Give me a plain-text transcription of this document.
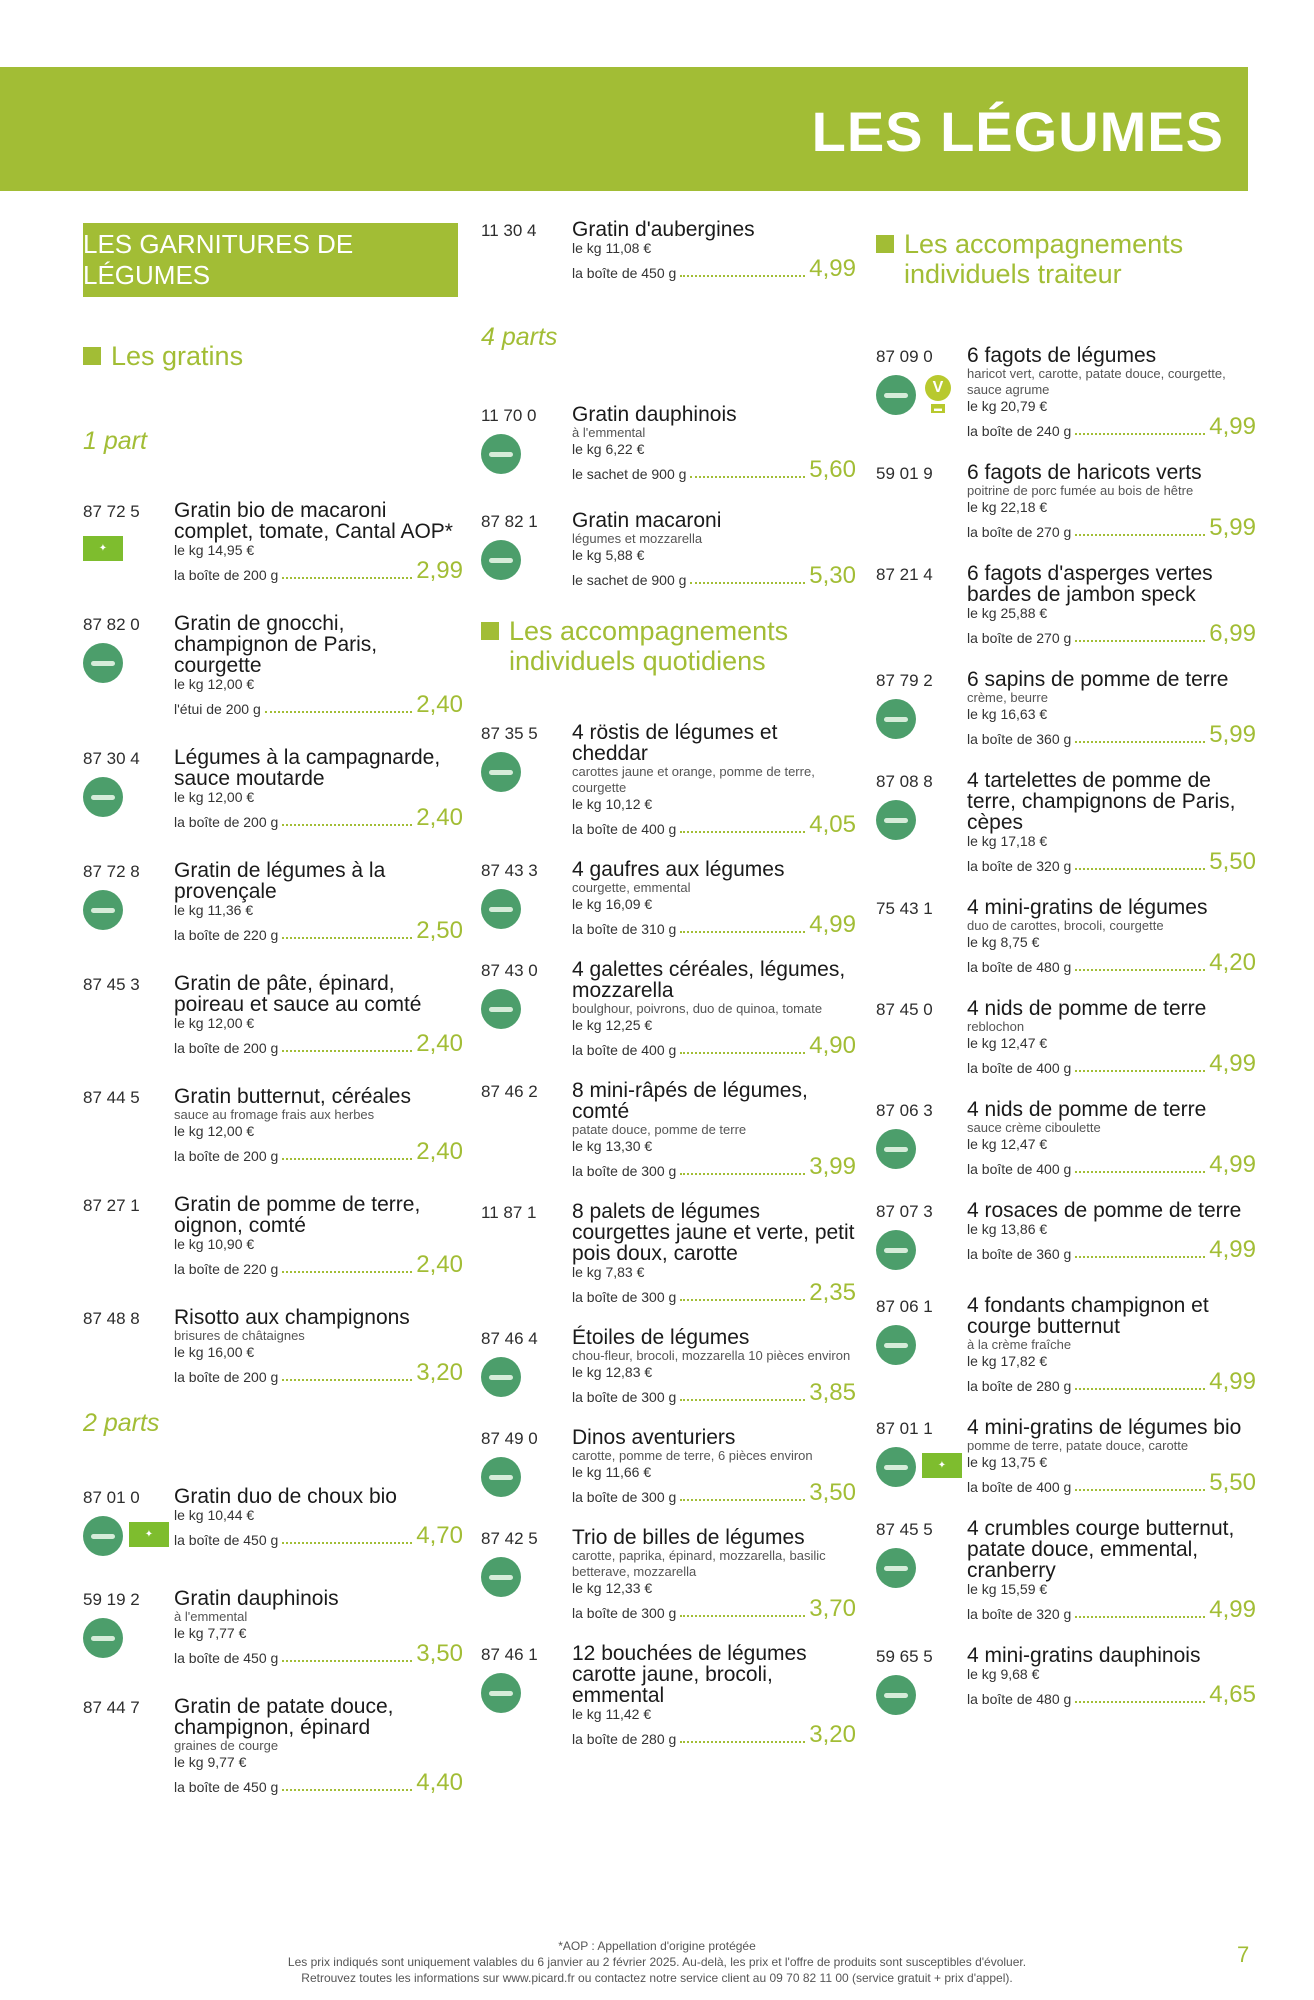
LES LÉGUMES
LES GARNITURES DE LÉGUMES
Les gratins
1 part
87 72 5
✦
Gratin bio de macaroni complet, tomate, Cantal AOP*
le kg 14,95 €
la boîte de 200 g	2,99
87 82 0 Gratin de gnocchi, champignon de Paris, courgette
le kg 12,00 €
l'étui de 200 g	2,40
87 30 4 Légumes à la campagnarde, sauce moutarde
le kg 12,00 €
la boîte de 200 g	2,40
87 72 8 Gratin de légumes à la provençale
le kg 11,36 €
la boîte de 220 g	2,50
87 45 3 Gratin de pâte, épinard, poireau et sauce au comté
le kg 12,00 €
la boîte de 200 g	2,40
87 44 5 Gratin butternut, céréales
sauce au fromage frais aux herbes
le kg 12,00 €
la boîte de 200 g	2,40
87 27 1 Gratin de pomme de terre, oignon, comté
le kg 10,90 €
la boîte de 220 g	2,40
87 48 8 Risotto aux champignons
brisures de châtaignes
le kg 16,00 €
la boîte de 200 g	3,20
2 parts
87 01 0
✦
Gratin duo de choux bio
le kg 10,44 €
la boîte de 450 g	4,70
59 19 2 Gratin dauphinois
à l'emmental
le kg 7,77 €
la boîte de 450 g	3,50
87 44 7 Gratin de patate douce, champignon, épinard
graines de courge
le kg 9,77 €
la boîte de 450 g	4,40
11 30 4 Gratin d'aubergines
le kg 11,08 €
la boîte de 450 g	4,99
4 parts
11 70 0 Gratin dauphinois
à l'emmental
le kg 6,22 €
le sachet de 900 g	5,60
87 82 1 Gratin macaroni
légumes et mozzarella
le kg 5,88 €
le sachet de 900 g	5,30
Les accompagnements individuels quotidiens
87 35 5 4 röstis de légumes et cheddar
carottes jaune et orange, pomme de terre, courgette
le kg 10,12 €
la boîte de 400 g	4,05
87 43 3 4 gaufres aux légumes
courgette, emmental
le kg 16,09 €
la boîte de 310 g	4,99
87 43 0 4 galettes céréales, légumes, mozzarella
boulghour, poivrons, duo de quinoa, tomate
le kg 12,25 €
la boîte de 400 g	4,90
87 46 2 8 mini-râpés de légumes, comté
patate douce, pomme de terre
le kg 13,30 €
la boîte de 300 g	3,99
11 87 1 8 palets de légumes courgettes jaune et verte, petit pois doux, carotte
le kg 7,83 €
la boîte de 300 g	2,35
87 46 4 Étoiles de légumes
chou-fleur, brocoli, mozzarella 10 pièces environ
le kg 12,83 €
la boîte de 300 g	3,85
87 49 0 Dinos aventuriers
carotte, pomme de terre, 6 pièces environ
le kg 11,66 €
la boîte de 300 g	3,50
87 42 5 Trio de billes de légumes
carotte, paprika, épinard, mozzarella, basilic betterave, mozzarella
le kg 12,33 €
la boîte de 300 g	3,70
87 46 1 12 bouchées de légumes carotte jaune, brocoli, emmental
le kg 11,42 €
la boîte de 280 g	3,20
Les accompagnements individuels traiteur
87 09 0
V
▬
6 fagots de légumes
haricot vert, carotte, patate douce, courgette, sauce agrume
le kg 20,79 €
la boîte de 240 g	4,99
59 01 9 6 fagots de haricots verts
poitrine de porc fumée au bois de hêtre
le kg 22,18 €
la boîte de 270 g	5,99
87 21 4 6 fagots d'asperges vertes bardes de jambon speck
le kg 25,88 €
la boîte de 270 g	6,99
87 79 2 6 sapins de pomme de terre
crème, beurre
le kg 16,63 €
la boîte de 360 g	5,99
87 08 8 4 tartelettes de pomme de terre, champignons de Paris, cèpes
le kg 17,18 €
la boîte de 320 g	5,50
75 43 1 4 mini-gratins de légumes
duo de carottes, brocoli, courgette
le kg 8,75 €
la boîte de 480 g	4,20
87 45 0 4 nids de pomme de terre
reblochon
le kg 12,47 €
la boîte de 400 g	4,99
87 06 3 4 nids de pomme de terre
sauce crème ciboulette
le kg 12,47 €
la boîte de 400 g	4,99
87 07 3 4 rosaces de pomme de terre
le kg 13,86 €
la boîte de 360 g	4,99
87 06 1 4 fondants champignon et courge butternut
à la crème fraîche
le kg 17,82 €
la boîte de 280 g	4,99
87 01 1
✦
4 mini-gratins de légumes bio
pomme de terre, patate douce, carotte
le kg 13,75 €
la boîte de 400 g	5,50
87 45 5 4 crumbles courge butternut, patate douce, emmental, cranberry
le kg 15,59 €
la boîte de 320 g	4,99
59 65 5 4 mini-gratins dauphinois
le kg 9,68 €
la boîte de 480 g	4,65
*AOP : Appellation d'origine protégée
Les prix indiqués sont uniquement valables du 6 janvier au 2 février 2025. Au-delà, les prix et l'offre de produits sont susceptibles d'évoluer.
Retrouvez toutes les informations sur www.picard.fr ou contactez notre service client au 09 70 82 11 00 (service gratuit + prix d'appel).
7
